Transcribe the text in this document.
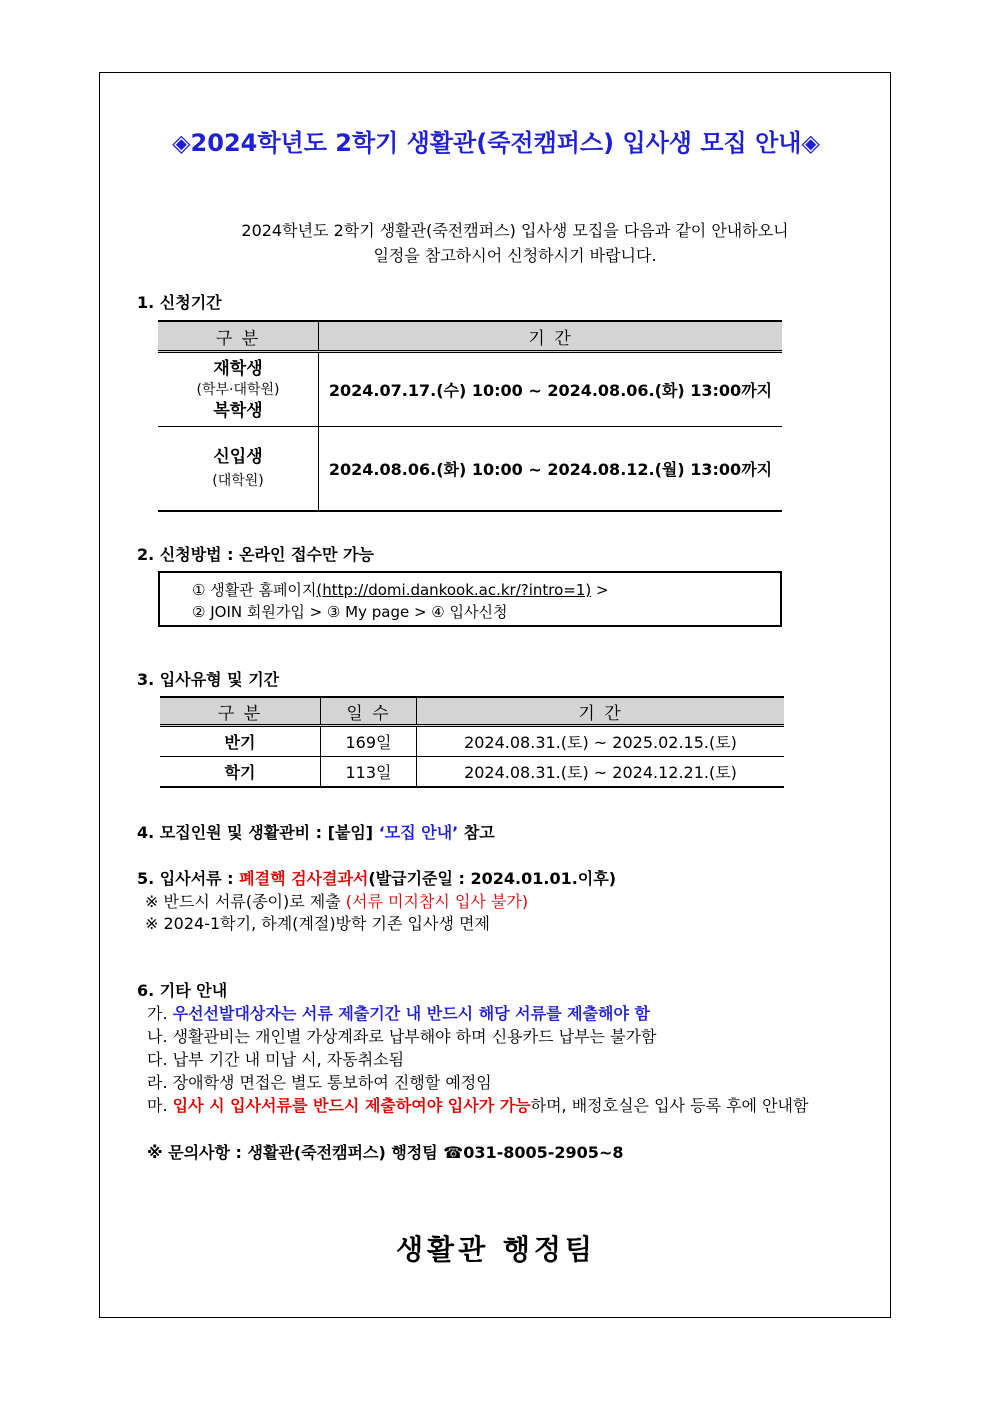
◈2024학년도 2학기 생활관(죽전캠퍼스) 입사생 모집 안내◈
2024학년도 2학기 생활관(죽전캠퍼스) 입사생 모집을 다음과 같이 안내하오니
일정을 참고하시어 신청하시기 바랍니다.
1. 신청기간
구 분	기 간

재학생
(학부·대학원)
복학생	2024.07.17.(수) 10:00 ~ 2024.08.06.(화) 13:00까지

신입생
(대학원)	2024.08.06.(화) 10:00 ~ 2024.08.12.(월) 13:00까지
2. 신청방법 : 온라인 접수만 가능
① 생활관 홈페이지(http://domi.dankook.ac.kr/?intro=1) >
② JOIN 회원가입 > ③ My page > ④ 입사신청
3. 입사유형 및 기간
구 분	일 수	기 간
반기	169일	2024.08.31.(토) ~ 2025.02.15.(토)
학기	113일	2024.08.31.(토) ~ 2024.12.21.(토)
4. 모집인원 및 생활관비 : [붙임] ‘모집 안내’ 참고
5. 입사서류 : 폐결핵 검사결과서(발급기준일 : 2024.01.01.이후)
※ 반드시 서류(종이)로 제출 (서류 미지참시 입사 불가)
※ 2024-1학기, 하계(계절)방학 기존 입사생 면제
6. 기타 안내
가. 우선선발대상자는 서류 제출기간 내 반드시 해당 서류를 제출해야 함
나. 생활관비는 개인별 가상계좌로 납부해야 하며 신용카드 납부는 불가함
다. 납부 기간 내 미납 시, 자동취소됨
라. 장애학생 면접은 별도 통보하여 진행할 예정임
마. 입사 시 입사서류를 반드시 제출하여야 입사가 가능하며, 배정호실은 입사 등록 후에 안내함
※ 문의사항 : 생활관(죽전캠퍼스) 행정팀 ☎031-8005-2905~8
생활관 행정팀
